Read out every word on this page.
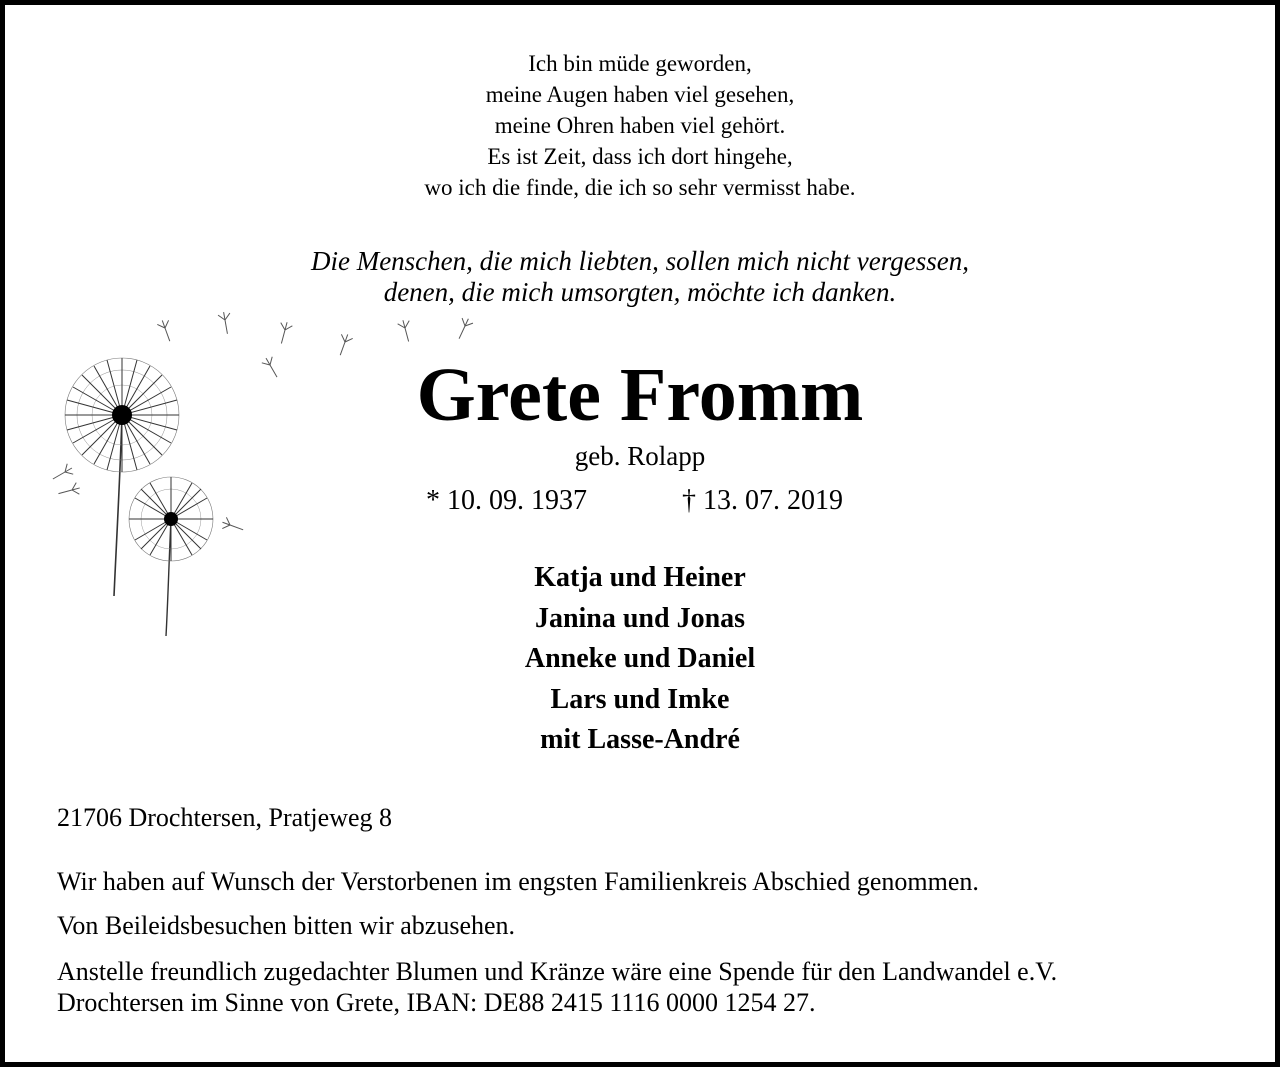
Ich bin müde geworden,
meine Augen haben viel gesehen,
meine Ohren haben viel gehört.
Es ist Zeit, dass ich dort hingehe,
wo ich die finde, die ich so sehr vermisst habe.
Die Menschen, die mich liebten, sollen mich nicht vergessen,
denen, die mich umsorgten, möchte ich danken.
Grete Fromm
geb. Rolapp
* 10. 09. 1937	† 13. 07. 2019
Katja und Heiner
Janina und Jonas
Anneke und Daniel
Lars und Imke
mit Lasse-André
21706 Drochtersen, Pratjeweg 8
Wir haben auf Wunsch der Verstorbenen im engsten Familienkreis Abschied genommen.
Von Beileidsbesuchen bitten wir abzusehen.
Anstelle freundlich zugedachter Blumen und Kränze wäre eine Spende für den Landwandel e.V.
Drochtersen im Sinne von Grete, IBAN: DE88 2415 1116 0000 1254 27.
